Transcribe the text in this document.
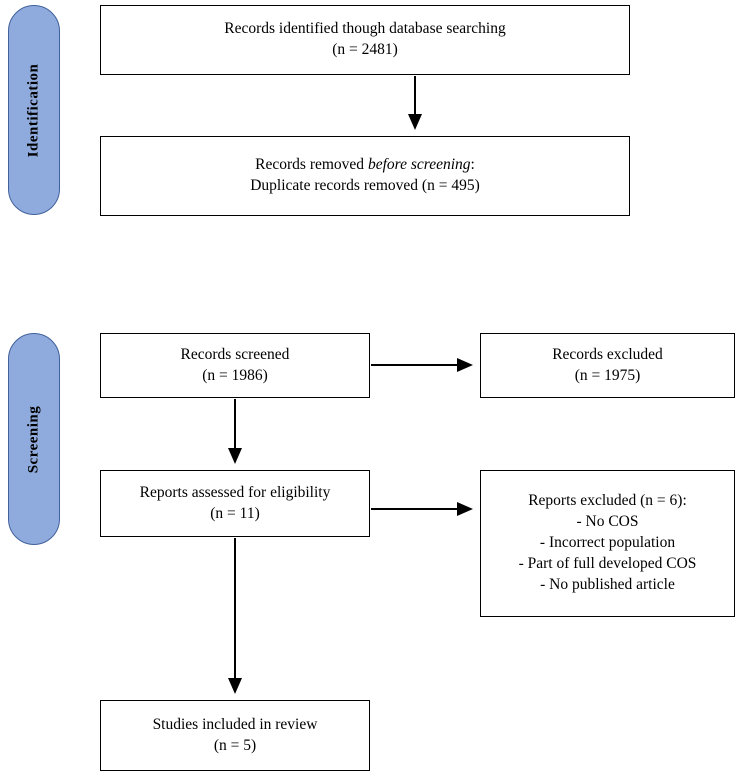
Identification
Screening
Records identified though database searching
(n = 2481)
Records removed before screening:
Duplicate records removed (n = 495)
Records screened
(n = 1986)
Records excluded
(n = 1975)
Reports assessed for eligibility
(n = 11)
Reports excluded (n = 6):
- No COS
- Incorrect population
- Part of full developed COS
- No published article
Studies included in review
(n = 5)
